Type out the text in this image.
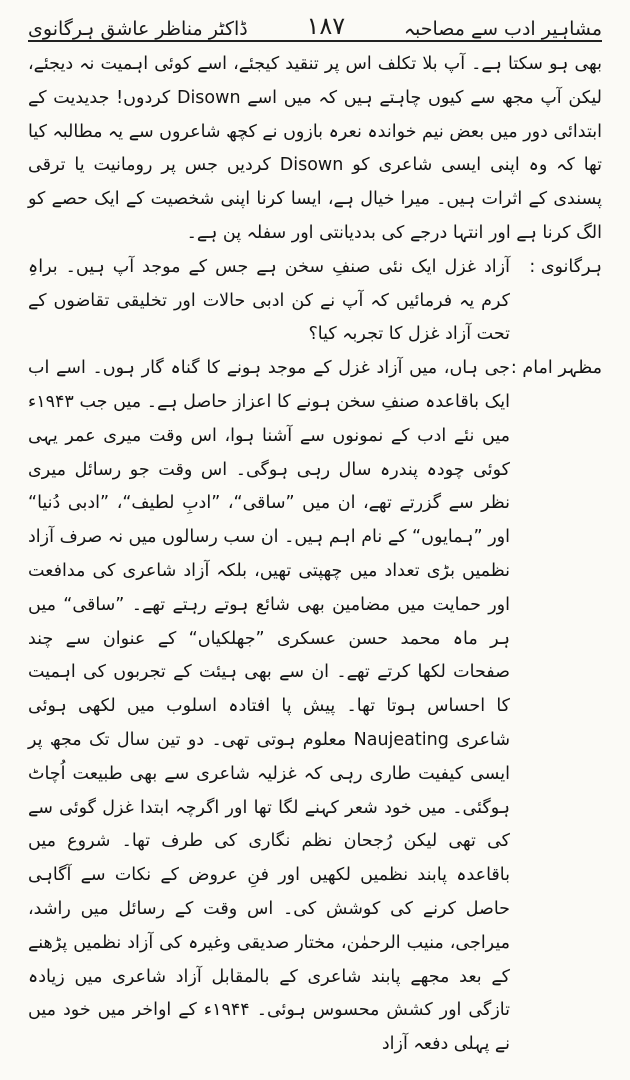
مشاہیر ادب سے مصاحبہ
۱۸۷
ڈاکٹر مناظر عاشق ہرگانوی

بھی ہو سکتا ہے۔ آپ بلا تکلف اس پر تنقید کیجئے، اسے کوئی اہمیت نہ دیجئے، لیکن آپ مجھ سے کیوں چاہتے ہیں کہ میں اسے Disown کردوں! جدیدیت کے ابتدائی دور میں بعض نیم خواندہ نعرہ بازوں نے کچھ شاعروں سے یہ مطالبہ کیا تھا کہ وہ اپنی ایسی شاعری کو Disown کردیں جس پر رومانیت یا ترقی پسندی کے اثرات ہیں۔ میرا خیال ہے، ایسا کرنا اپنی شخصیت کے ایک حصے کو الگ کرنا ہے اور انتہا درجے کی بددیانتی اور سفلہ پن ہے۔

ہرگانوی :

آزاد غزل ایک نئی صنفِ سخن ہے جس کے موجد آپ ہیں۔ براہِ کرم یہ فرمائیں کہ آپ نے کن ادبی حالات اور تخلیقی تقاضوں کے تحت آزاد غزل کا تجربہ کیا؟

مظہر امام :

جی ہاں، میں آزاد غزل کے موجد ہونے کا گناہ گار ہوں۔ اسے اب ایک باقاعدہ صنفِ سخن ہونے کا اعزاز حاصل ہے۔ میں جب ۱۹۴۳ء میں نئے ادب کے نمونوں سے آشنا ہوا، اس وقت میری عمر یہی کوئی چودہ پندرہ سال رہی ہوگی۔ اس وقت جو رسائل میری نظر سے گزرتے تھے، ان میں ”ساقی“، ”ادبِ لطیف“، ”ادبی دُنیا“ اور ”ہمایوں“ کے نام اہم ہیں۔ ان سب رسالوں میں نہ صرف آزاد نظمیں بڑی تعداد میں چھپتی تھیں، بلکہ آزاد شاعری کی مدافعت اور حمایت میں مضامین بھی شائع ہوتے رہتے تھے۔ ”ساقی“ میں ہر ماہ محمد حسن عسکری ”جھلکیاں“ کے عنوان سے چند صفحات لکھا کرتے تھے۔ ان سے بھی ہیئت کے تجربوں کی اہمیت کا احساس ہوتا تھا۔ پیش پا افتادہ اسلوب میں لکھی ہوئی شاعری Naujeating معلوم ہوتی تھی۔ دو تین سال تک مجھ پر ایسی کیفیت طاری رہی کہ غزلیہ شاعری سے بھی طبیعت اُچاٹ ہوگئی۔ میں خود شعر کہنے لگا تھا اور اگرچہ ابتدا غزل گوئی سے کی تھی لیکن رُجحان نظم نگاری کی طرف تھا۔ شروع میں باقاعدہ پابند نظمیں لکھیں اور فنِ عروض کے نکات سے آگاہی حاصل کرنے کی کوشش کی۔ اس وقت کے رسائل میں راشد، میراجی، منیب الرحمٰن، مختار صدیقی وغیرہ کی آزاد نظمیں پڑھنے کے بعد مجھے پابند شاعری کے بالمقابل آزاد شاعری میں زیادہ تازگی اور کشش محسوس ہوئی۔ ۱۹۴۴ء کے اواخر میں خود میں نے پہلی دفعہ آزاد
